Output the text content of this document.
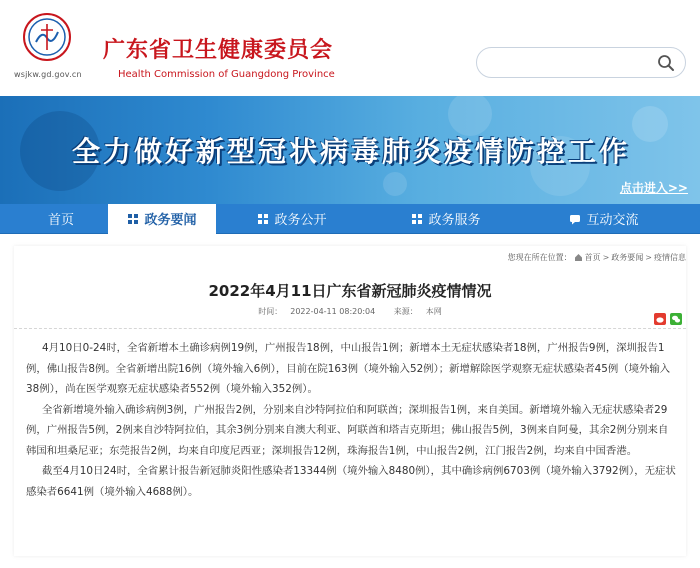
wsjkw.gd.gov.cn
广东省卫生健康委员会
Health Commission of Guangdong Province
全力做好新型冠状病毒肺炎疫情防控工作
点击进入>>
首页	政务要闻	政务公开	政务服务	互动交流
您现在所在位置： 首页 > 政务要闻 > 疫情信息
2022年4月11日广东省新冠肺炎疫情情况
时间： 2022-04-11 08:20:04 来源： 本网

4月10日0-24时，全省新增本土确诊病例19例，广州报告18例，中山报告1例；新增本土无症状感染者18例，广州报告9例，深圳报告1例，佛山报告8例。全省新增出院16例（境外输入6例），目前在院163例（境外输入52例）；新增解除医学观察无症状感染者45例（境外输入38例），尚在医学观察无症状感染者552例（境外输入352例）。

全省新增境外输入确诊病例3例，广州报告2例，分别来自沙特阿拉伯和阿联酋；深圳报告1例，来自美国。新增境外输入无症状感染者29例，广州报告5例，2例来自沙特阿拉伯，其余3例分别来自澳大利亚、阿联酋和塔吉克斯坦；佛山报告5例，3例来自阿曼，其余2例分别来自韩国和坦桑尼亚；东莞报告2例，均来自印度尼西亚；深圳报告12例，珠海报告1例，中山报告2例，江门报告2例，均来自中国香港。

截至4月10日24时，全省累计报告新冠肺炎阳性感染者13344例（境外输入8480例），其中确诊病例6703例（境外输入3792例），无症状感染者6641例（境外输入4688例）。
